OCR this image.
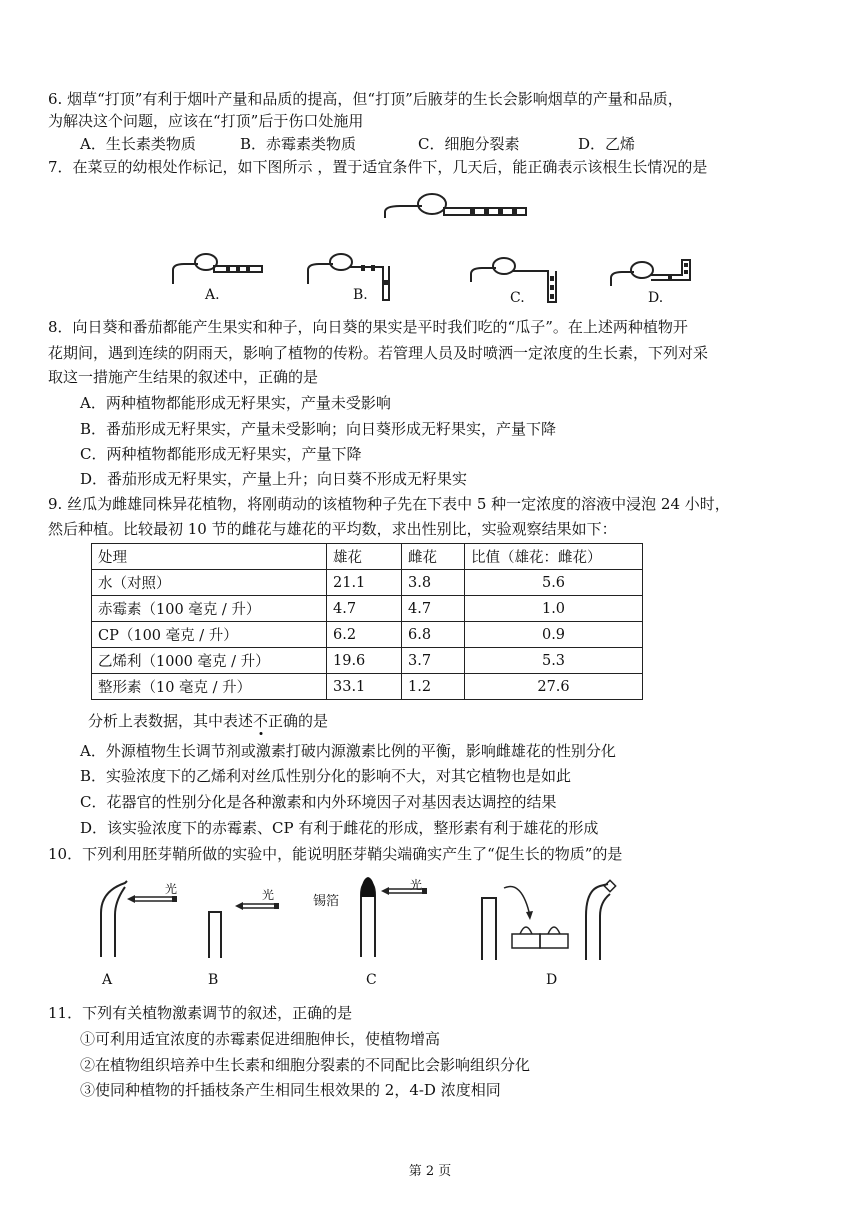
6. 烟草“打顶”有利于烟叶产量和品质的提高，但“打顶”后腋芽的生长会影响烟草的产量和品质，
为解决这个问题，应该在“打顶”后于伤口处施用
A．生长素类物质	B．赤霉素类物质	C．细胞分裂素	D．乙烯
7．在菜豆的幼根处作标记，如下图所示 ，置于适宜条件下，几天后，能正确表示该根生长情况的是
A.	B.	C.	D.
8．向日葵和番茄都能产生果实和种子，向日葵的果实是平时我们吃的“瓜子”。在上述两种植物开
花期间，遇到连续的阴雨天，影响了植物的传粉。若管理人员及时喷洒一定浓度的生长素，下列对采
取这一措施产生结果的叙述中，正确的是
A．两种植物都能形成无籽果实，产量未受影响
B．番茄形成无籽果实，产量未受影响；向日葵形成无籽果实，产量下降
C．两种植物都能形成无籽果实，产量下降
D．番茄形成无籽果实，产量上升；向日葵不形成无籽果实
9. 丝瓜为雌雄同株异花植物，将刚萌动的该植物种子先在下表中 5 种一定浓度的溶液中浸泡 24 小时，
然后种植。比较最初 10 节的雌花与雄花的平均数，求出性别比，实验观察结果如下：
处理	雄花	雌花	比值（雄花：雌花）
水（对照）	21.1	3.8	5.6
赤霉素（100 毫克 / 升）	4.7	4.7	1.0
CP（100 毫克 / 升）	6.2	6.8	0.9
乙烯利（1000 毫克 / 升）	19.6	3.7	5.3
整形素（10 毫克 / 升）	33.1	1.2	27.6
分析上表数据，其中表述不正确的是
A．外源植物生长调节剂或激素打破内源激素比例的平衡，影响雌雄花的性别分化
B．实验浓度下的乙烯利对丝瓜性别分化的影响不大，对其它植物也是如此
C．花器官的性别分化是各种激素和内外环境因子对基因表达调控的结果
D．该实验浓度下的赤霉素、CP 有利于雌花的形成，整形素有利于雄花的形成
10．下列利用胚芽鞘所做的实验中，能说明胚芽鞘尖端确实产生了“促生长的物质”的是
光
A
光
B
光
锡箔
C	D
11．下列有关植物激素调节的叙述，正确的是
①可利用适宜浓度的赤霉素促进细胞伸长，使植物增高
②在植物组织培养中生长素和细胞分裂素的不同配比会影响组织分化
③使同种植物的扦插枝条产生相同生根效果的 2，4-D 浓度相同
第 2 页
